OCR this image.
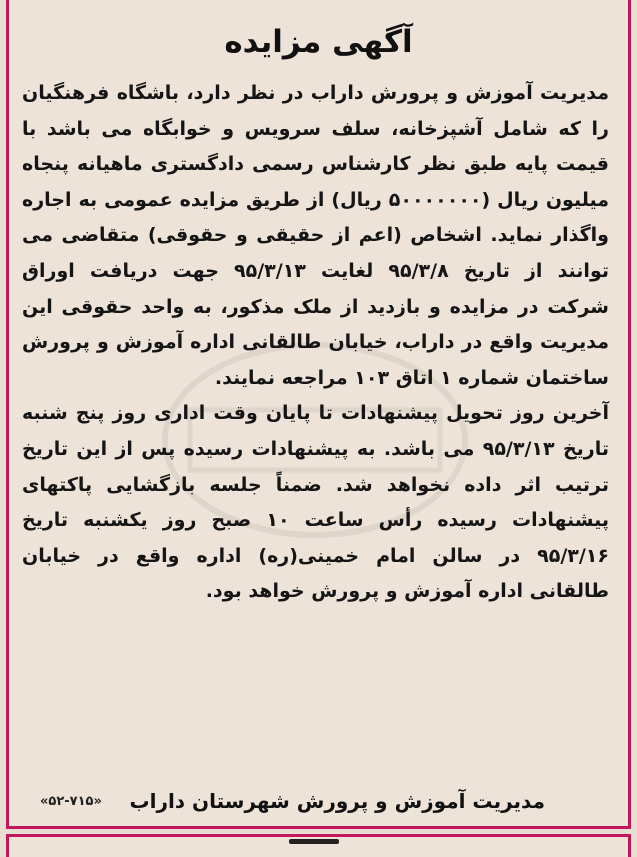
آگهی مزایده

مدیریت آموزش و پرورش داراب در نظر دارد، باشگاه فرهنگیان را که شامل آشپزخانه، سلف سرویس و خوابگاه می باشد با قیمت پایه طبق نظر کارشناس رسمی دادگستری ماهیانه پنجاه میلیون ریال (۵۰۰۰۰۰۰۰ ریال) از طریق مزایده عمومی به اجاره واگذار نماید. اشخاص (اعم از حقیقی و حقوقی) متقاضی می توانند از تاریخ ۹۵/۳/۸ لغایت ۹۵/۳/۱۳ جهت دریافت اوراق شرکت در مزایده و بازدید از ملک مذکور، به واحد حقوقی این مدیریت واقع در داراب، خیابان طالقانی اداره آموزش و پرورش ساختمان شماره ۱ اتاق ۱۰۳ مراجعه نمایند.

آخرین روز تحویل پیشنهادات تا پایان وقت اداری روز پنج شنبه تاریخ ۹۵/۳/۱۳ می باشد. به پیشنهادات رسیده پس از این تاریخ ترتیب اثر داده نخواهد شد. ضمناً جلسه بازگشایی پاکتهای پیشنهادات رسیده رأس ساعت ۱۰ صبح روز یکشنبه تاریخ ۹۵/۳/۱۶ در سالن امام خمینی(ره) اداره واقع در خیابان طالقانی اداره آموزش و پرورش خواهد بود.

مدیریت آموزش و پرورش شهرستان داراب
«۵۲-۷۱۵»
